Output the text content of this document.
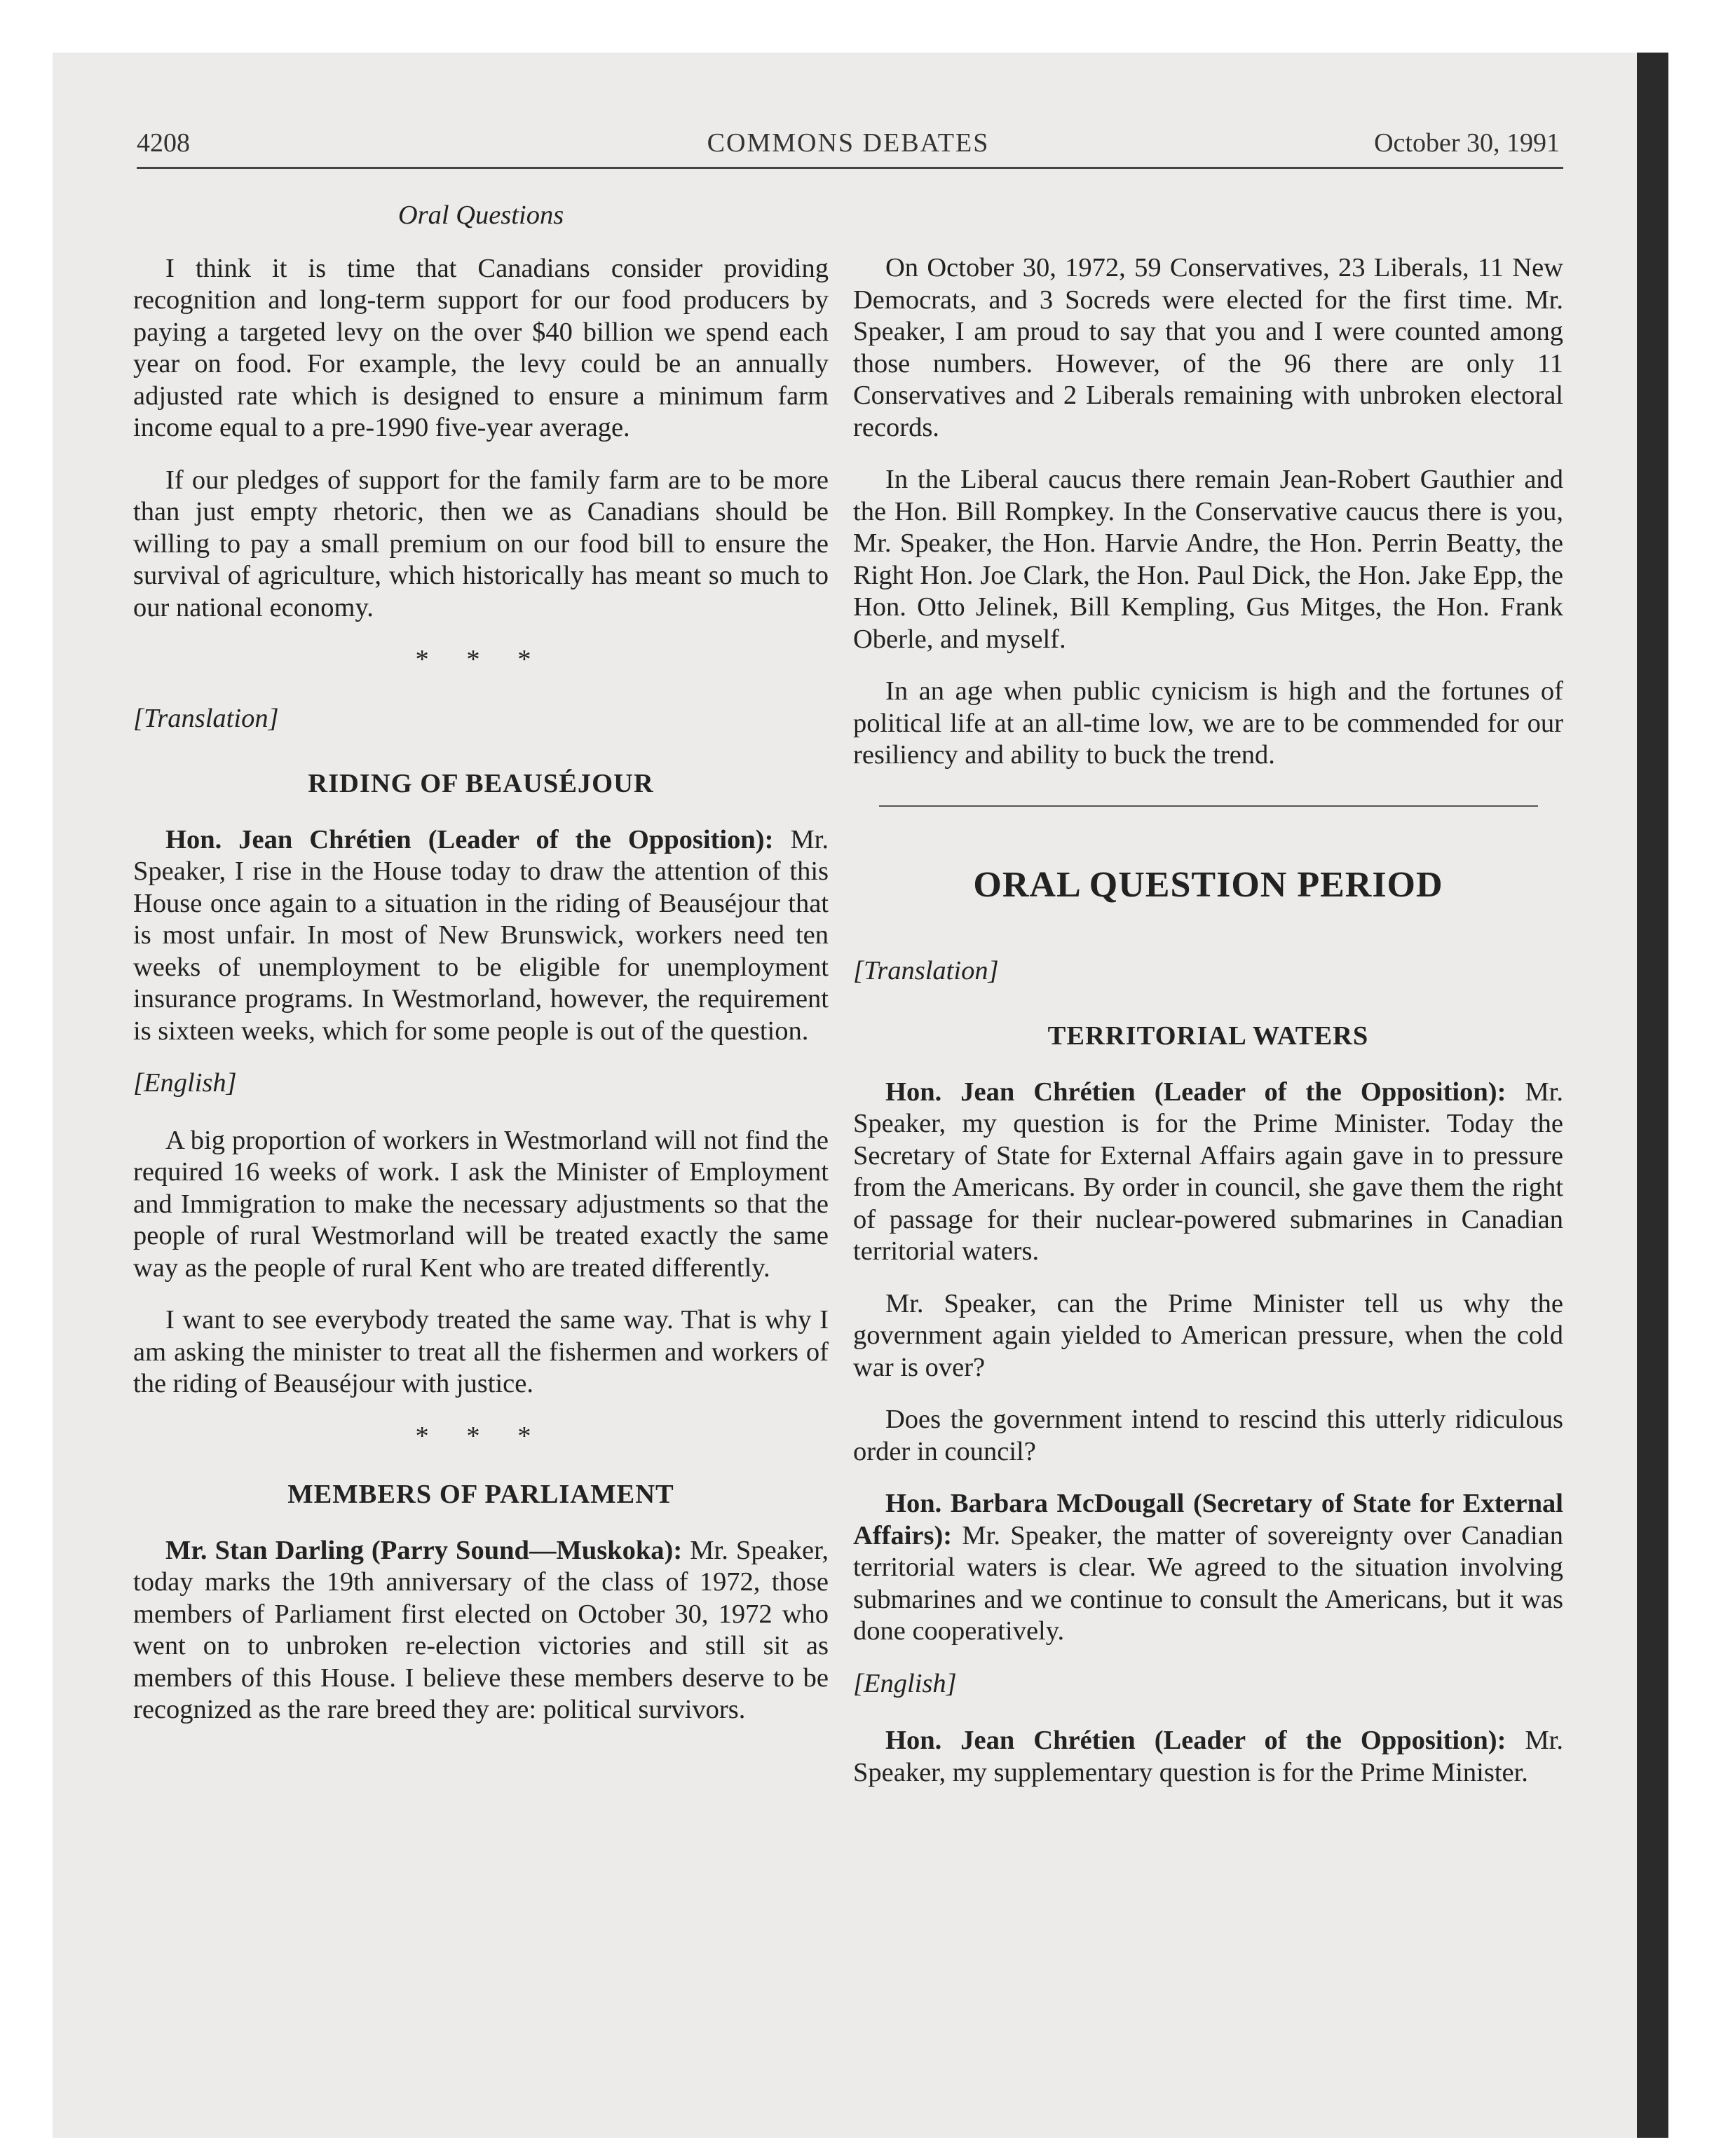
COMMONS DEBATES
4208	October 30, 1991
Oral Questions

I think it is time that Canadians consider providing recognition and long-term support for our food producers by paying a targeted levy on the over $40 billion we spend each year on food. For example, the levy could be an annually adjusted rate which is designed to ensure a minimum farm income equal to a pre-1990 five-year average.

If our pledges of support for the family farm are to be more than just empty rhetoric, then we as Canadians should be willing to pay a small premium on our food bill to ensure the survival of agriculture, which historically has meant so much to our national economy.

* * *
[Translation]
RIDING OF BEAUSÉJOUR

Hon. Jean Chrétien (Leader of the Opposition): Mr. Speaker, I rise in the House today to draw the attention of this House once again to a situation in the riding of Beauséjour that is most unfair. In most of New Brunswick, workers need ten weeks of unemployment to be eligible for unemployment insurance programs. In Westmorland, however, the requirement is sixteen weeks, which for some people is out of the question.

[English]

A big proportion of workers in Westmorland will not find the required 16 weeks of work. I ask the Minister of Employment and Immigration to make the necessary adjustments so that the people of rural Westmorland will be treated exactly the same way as the people of rural Kent who are treated differently.

I want to see everybody treated the same way. That is why I am asking the minister to treat all the fishermen and workers of the riding of Beauséjour with justice.

* * *
MEMBERS OF PARLIAMENT

Mr. Stan Darling (Parry Sound—Muskoka): Mr. Speaker, today marks the 19th anniversary of the class of 1972, those members of Parliament first elected on October 30, 1972 who went on to unbroken re-election victories and still sit as members of this House. I believe these members deserve to be recognized as the rare breed they are: political survivors.

On October 30, 1972, 59 Conservatives, 23 Liberals, 11 New Democrats, and 3 Socreds were elected for the first time. Mr. Speaker, I am proud to say that you and I were counted among those numbers. However, of the 96 there are only 11 Conservatives and 2 Liberals remaining with unbroken electoral records.

In the Liberal caucus there remain Jean-Robert Gauthier and the Hon. Bill Rompkey. In the Conservative caucus there is you, Mr. Speaker, the Hon. Harvie Andre, the Hon. Perrin Beatty, the Right Hon. Joe Clark, the Hon. Paul Dick, the Hon. Jake Epp, the Hon. Otto Jelinek, Bill Kempling, Gus Mitges, the Hon. Frank Oberle, and myself.

In an age when public cynicism is high and the fortunes of political life at an all-time low, we are to be commended for our resiliency and ability to buck the trend.

ORAL QUESTION PERIOD
[Translation]
TERRITORIAL WATERS

Hon. Jean Chrétien (Leader of the Opposition): Mr. Speaker, my question is for the Prime Minister. Today the Secretary of State for External Affairs again gave in to pressure from the Americans. By order in council, she gave them the right of passage for their nuclear-powered submarines in Canadian territorial waters.

Mr. Speaker, can the Prime Minister tell us why the government again yielded to American pressure, when the cold war is over?

Does the government intend to rescind this utterly ridiculous order in council?

Hon. Barbara McDougall (Secretary of State for External Affairs): Mr. Speaker, the matter of sovereignty over Canadian territorial waters is clear. We agreed to the situation involving submarines and we continue to consult the Americans, but it was done cooperatively.

[English]

Hon. Jean Chrétien (Leader of the Opposition): Mr. Speaker, my supplementary question is for the Prime Minister.
